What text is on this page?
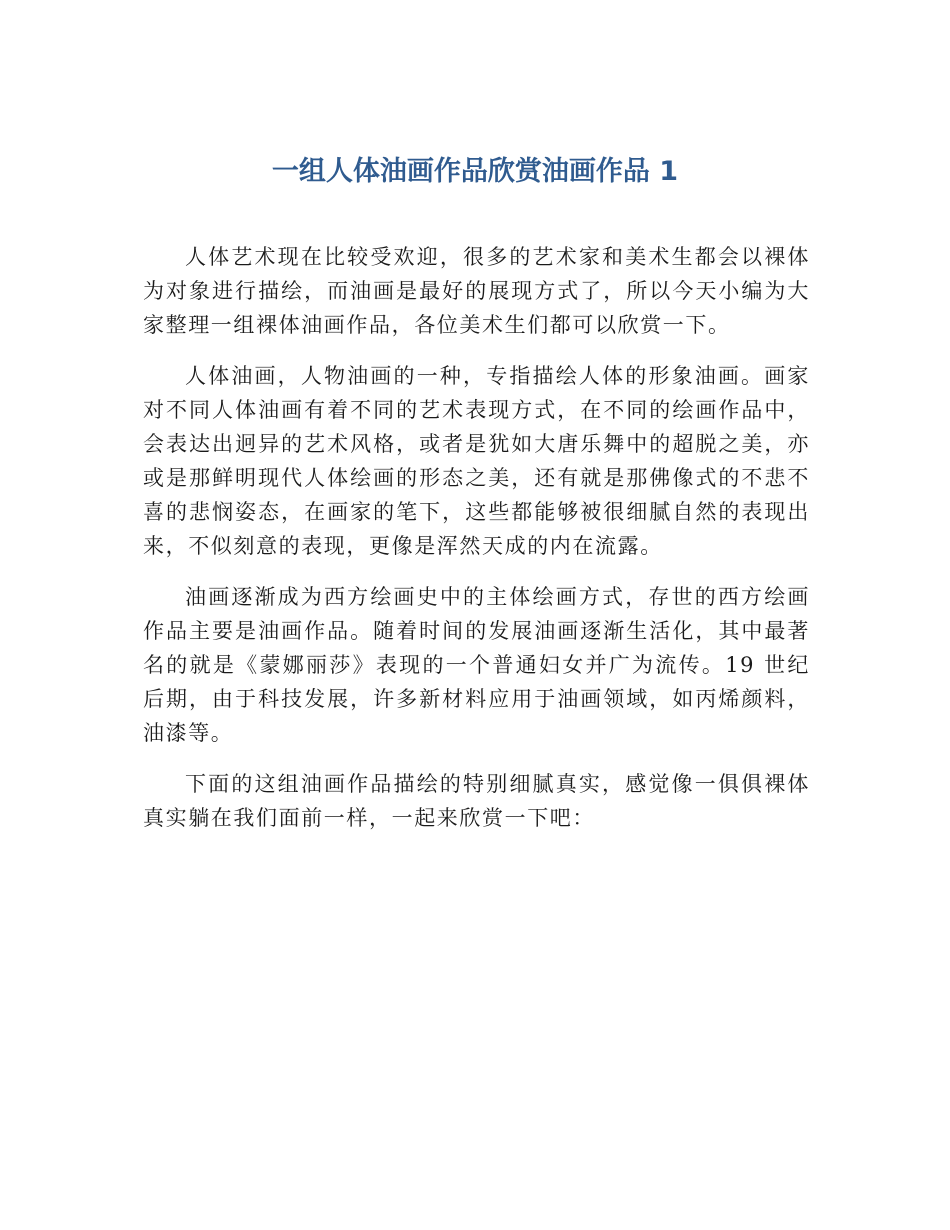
一组人体油画作品欣赏油画作品 1

人体艺术现在比较受欢迎，很多的艺术家和美术生都会以裸体为对象进行描绘，而油画是最好的展现方式了，所以今天小编为大家整理一组裸体油画作品，各位美术生们都可以欣赏一下。

人体油画，人物油画的一种，专指描绘人体的形象油画。画家对不同人体油画有着不同的艺术表现方式，在不同的绘画作品中，会表达出迥异的艺术风格，或者是犹如大唐乐舞中的超脱之美，亦或是那鲜明现代人体绘画的形态之美，还有就是那佛像式的不悲不喜的悲悯姿态，在画家的笔下，这些都能够被很细腻自然的表现出来，不似刻意的表现，更像是浑然天成的内在流露。

油画逐渐成为西方绘画史中的主体绘画方式，存世的西方绘画作品主要是油画作品。随着时间的发展油画逐渐生活化，其中最著名的就是《蒙娜丽莎》表现的一个普通妇女并广为流传。19 世纪后期，由于科技发展，许多新材料应用于油画领域，如丙烯颜料，油漆等。

下面的这组油画作品描绘的特别细腻真实，感觉像一俱俱裸体真实躺在我们面前一样，一起来欣赏一下吧：
